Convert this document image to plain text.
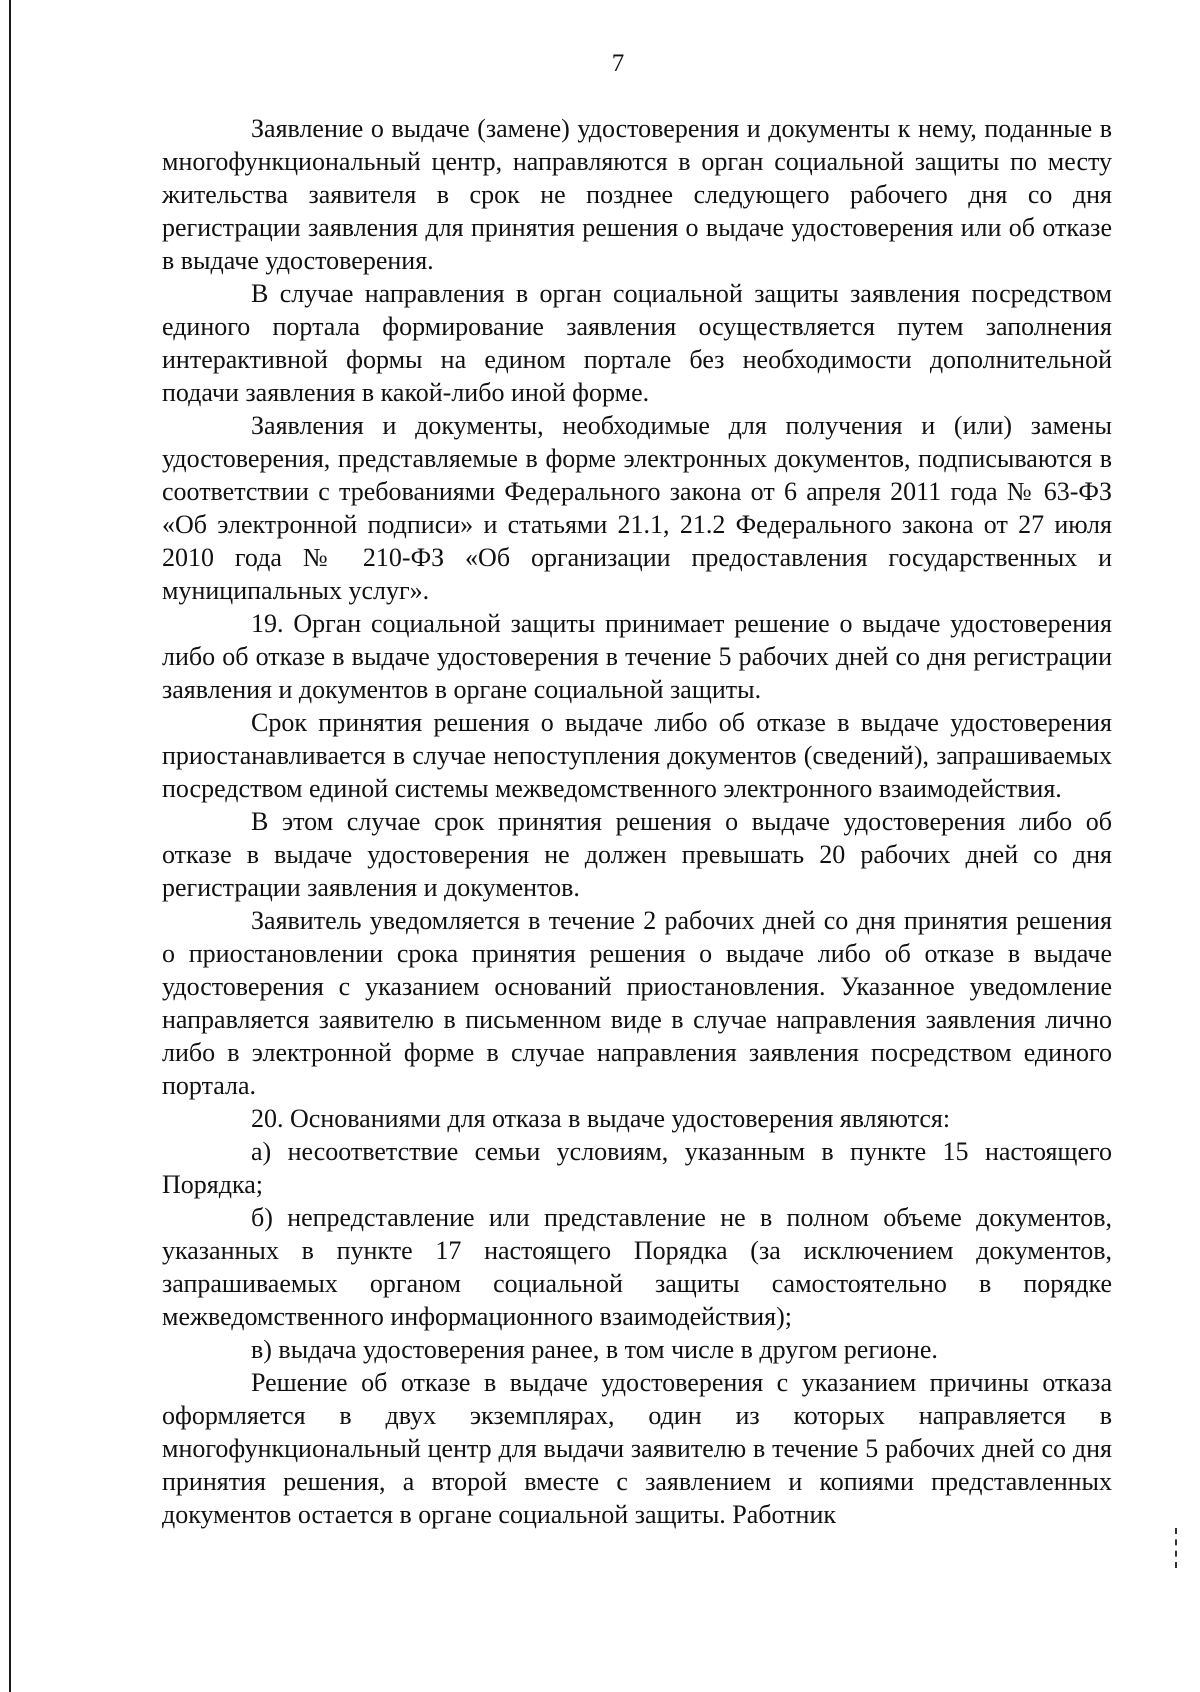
7

Заявление о выдаче (замене) удостоверения и документы к нему, поданные в многофункциональный центр, направляются в орган социальной защиты по месту жительства заявителя в срок не позднее следующего рабочего дня со дня регистрации заявления для принятия решения о выдаче удостоверения или об отказе в выдаче удостоверения.

В случае направления в орган социальной защиты заявления посредством единого портала формирование заявления осуществляется путем заполнения интерактивной формы на едином портале без необходимости дополнительной подачи заявления в какой-либо иной форме.

Заявления и документы, необходимые для получения и (или) замены удостоверения, представляемые в форме электронных документов, подписываются в соответствии с требованиями Федерального закона от 6 апреля 2011 года № 63-ФЗ «Об электронной подписи» и статьями 21.1, 21.2 Федерального закона от 27 июля 2010 года № 210-ФЗ «Об организации предоставления государственных и муниципальных услуг».

19. Орган социальной защиты принимает решение о выдаче удостоверения либо об отказе в выдаче удостоверения в течение 5 рабочих дней со дня регистрации заявления и документов в органе социальной защиты.

Срок принятия решения о выдаче либо об отказе в выдаче удостоверения приостанавливается в случае непоступления документов (сведений), запрашиваемых посредством единой системы межведомственного электронного взаимодействия.

В этом случае срок принятия решения о выдаче удостоверения либо об отказе в выдаче удостоверения не должен превышать 20 рабочих дней со дня регистрации заявления и документов.

Заявитель уведомляется в течение 2 рабочих дней со дня принятия решения о приостановлении срока принятия решения о выдаче либо об отказе в выдаче удостоверения с указанием оснований приостановления. Указанное уведомление направляется заявителю в письменном виде в случае направления заявления лично либо в электронной форме в случае направления заявления посредством единого портала.

20. Основаниями для отказа в выдаче удостоверения являются:

а) несоответствие семьи условиям, указанным в пункте 15 настоящего Порядка;

б) непредставление или представление не в полном объеме документов, указанных в пункте 17 настоящего Порядка (за исключением документов, запрашиваемых органом социальной защиты самостоятельно в порядке межведомственного информационного взаимодействия);

в) выдача удостоверения ранее, в том числе в другом регионе.

Решение об отказе в выдаче удостоверения с указанием причины отказа оформляется в двух экземплярах, один из которых направляется в многофункциональный центр для выдачи заявителю в течение 5 рабочих дней со дня принятия решения, а второй вместе с заявлением и копиями представленных документов остается в органе социальной защиты. Работник
